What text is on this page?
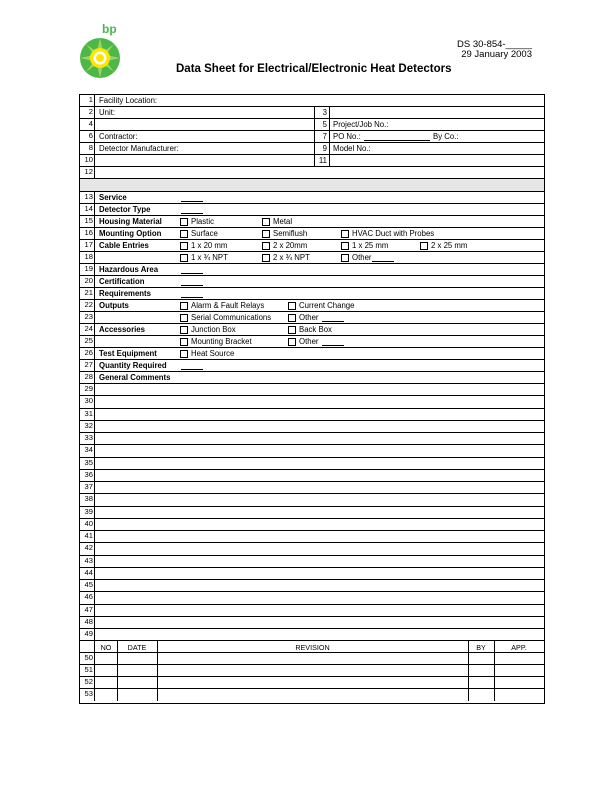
bp
DS 30-854-_____
29 January 2003
Data Sheet for Electrical/Electronic Heat Detectors
1 Facility Location:
2 Unit:	3
4	5 Project/Job No.:
6 Contractor:	7 PO No.:	By Co.:
8 Detector Manufacturer:	9 Model No.:
10	11
12
13 Service
14 Detector Type
15 Housing Material	Plastic	Metal
16 Mounting Option	Surface	Semiflush	HVAC Duct with Probes
17 Cable Entries	1 x 20 mm	2 x 20mm	1 x 25 mm	2 x 25 mm
18	1 x ¾ NPT	2 x ¾ NPT	Other
19 Hazardous Area
20 Certification
21 Requirements
22 Outputs	Alarm & Fault Relays	Current Change
23	Serial Communications	Other
24 Accessories	Junction Box	Back Box
25	Mounting Bracket	Other
26 Test Equipment	Heat Source
27 Quantity Required
28 General Comments
29
30
31
32
33
34
35
36
37
38
39
40
41
42
43
44
45
46
47
48
49
NO	DATE	REVISION	BY	APP.
50
51
52
53
